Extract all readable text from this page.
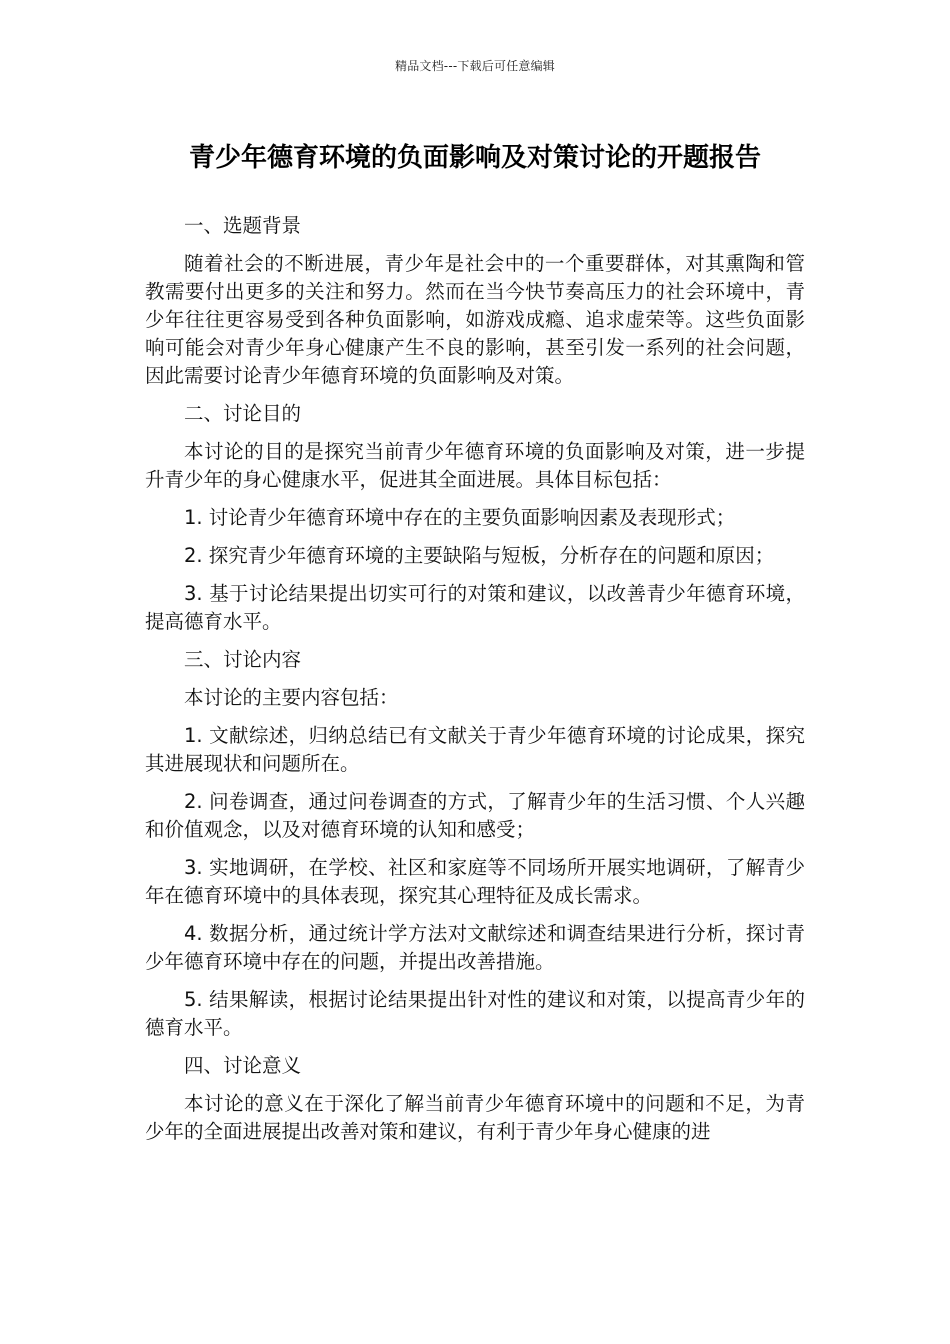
精品文档---下载后可任意编辑
青少年德育环境的负面影响及对策讨论的开题报告

一、选题背景

随着社会的不断进展，青少年是社会中的一个重要群体，对其熏陶和管教需要付出更多的关注和努力。然而在当今快节奏高压力的社会环境中，青少年往往更容易受到各种负面影响，如游戏成瘾、追求虚荣等。这些负面影响可能会对青少年身心健康产生不良的影响，甚至引发一系列的社会问题，因此需要讨论青少年德育环境的负面影响及对策。

二、讨论目的

本讨论的目的是探究当前青少年德育环境的负面影响及对策，进一步提升青少年的身心健康水平，促进其全面进展。具体目标包括：

1. 讨论青少年德育环境中存在的主要负面影响因素及表现形式；

2. 探究青少年德育环境的主要缺陷与短板，分析存在的问题和原因；

3. 基于讨论结果提出切实可行的对策和建议，以改善青少年德育环境，提高德育水平。

三、讨论内容

本讨论的主要内容包括：

1. 文献综述，归纳总结已有文献关于青少年德育环境的讨论成果，探究其进展现状和问题所在。

2. 问卷调查，通过问卷调查的方式，了解青少年的生活习惯、个人兴趣和价值观念，以及对德育环境的认知和感受；

3. 实地调研，在学校、社区和家庭等不同场所开展实地调研，了解青少年在德育环境中的具体表现，探究其心理特征及成长需求。

4. 数据分析，通过统计学方法对文献综述和调查结果进行分析，探讨青少年德育环境中存在的问题，并提出改善措施。

5. 结果解读，根据讨论结果提出针对性的建议和对策，以提高青少年的德育水平。

四、讨论意义

本讨论的意义在于深化了解当前青少年德育环境中的问题和不足，为青少年的全面进展提出改善对策和建议，有利于青少年身心健康的进
